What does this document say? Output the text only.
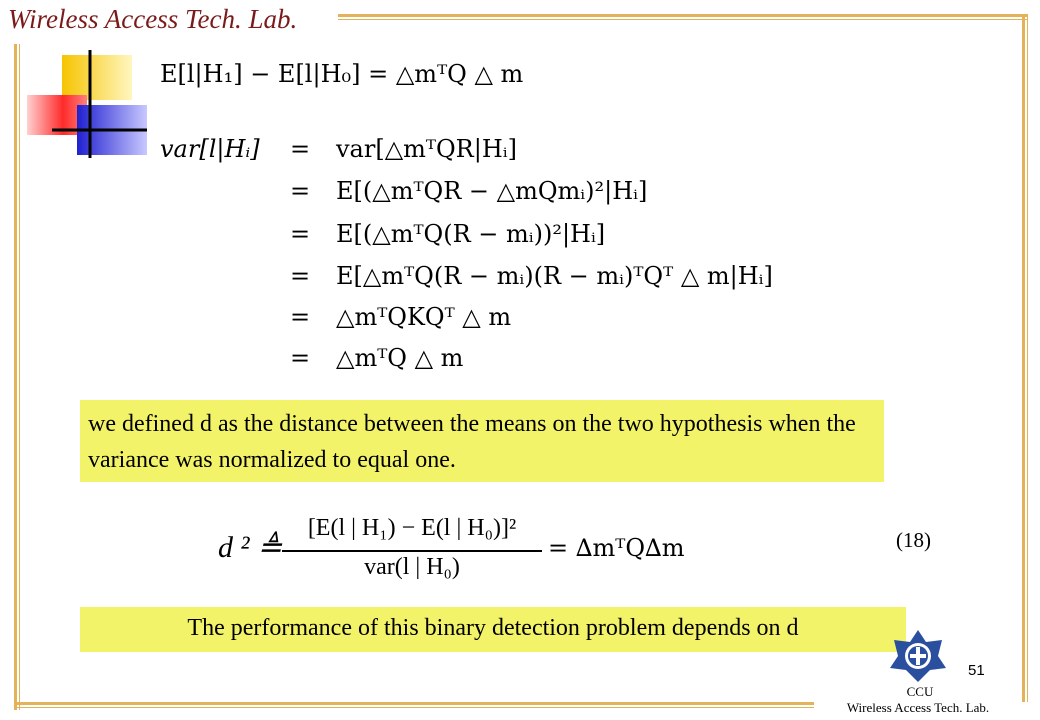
Wireless Access Tech. Lab.
E[l|H₁] − E[l|H₀] = △mᵀQ △ m
var[l|Hᵢ] = var[△mᵀQR|Hᵢ]
= E[(△mᵀQR − △mQmᵢ)²|Hᵢ]
= E[(△mᵀQ(R − mᵢ))²|Hᵢ]
= E[△mᵀQ(R − mᵢ)(R − mᵢ)ᵀQᵀ △ m|Hᵢ]
= △mᵀQKQᵀ △ m
= △mᵀQ △ m

we defined d as the distance between the means on the two hypothesis when the variance was normalized to equal one.

d ² ≜
[E(l | H₁) − E(l | H₀)]²
var(l | H₀)
= ∆mᵀQ∆m	(18)

The performance of this binary detection problem depends on d

CCU
Wireless Access Tech. Lab.
51
